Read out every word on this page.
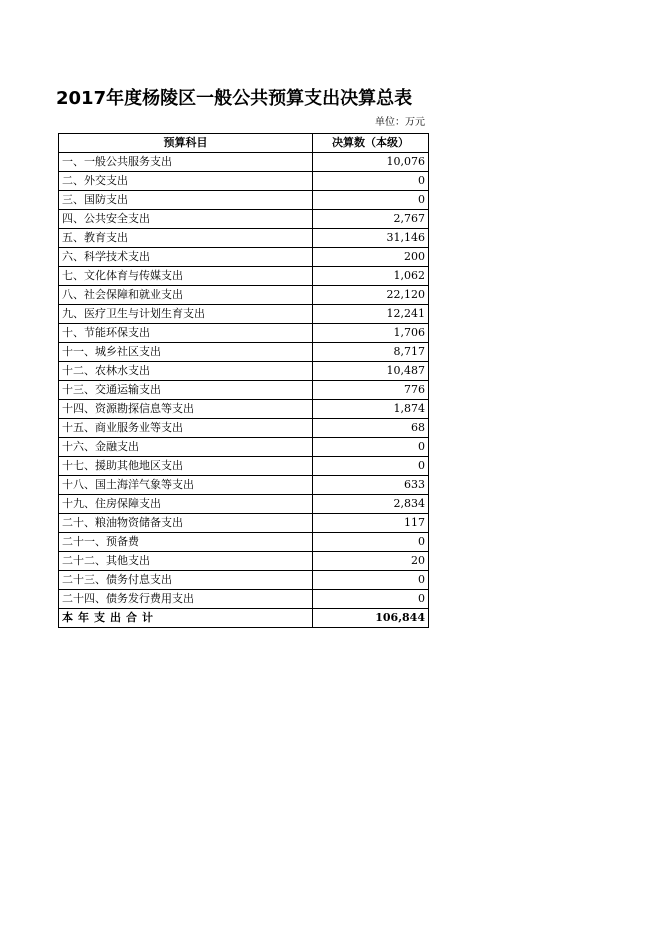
2017年度杨陵区一般公共预算支出决算总表
单位：万元
预算科目	决算数（本级）
一、一般公共服务支出	10,076
二、外交支出	0
三、国防支出	0
四、公共安全支出	2,767
五、教育支出	31,146
六、科学技术支出	200
七、文化体育与传媒支出	1,062
八、社会保障和就业支出	22,120
九、医疗卫生与计划生育支出	12,241
十、节能环保支出	1,706
十一、城乡社区支出	8,717
十二、农林水支出	10,487
十三、交通运输支出	776
十四、资源勘探信息等支出	1,874
十五、商业服务业等支出	68
十六、金融支出	0
十七、援助其他地区支出	0
十八、国土海洋气象等支出	633
十九、住房保障支出	2,834
二十、粮油物资储备支出	117
二十一、预备费	0
二十二、其他支出	20
二十三、债务付息支出	0
二十四、债务发行费用支出	0
本年支出合计	106,844
